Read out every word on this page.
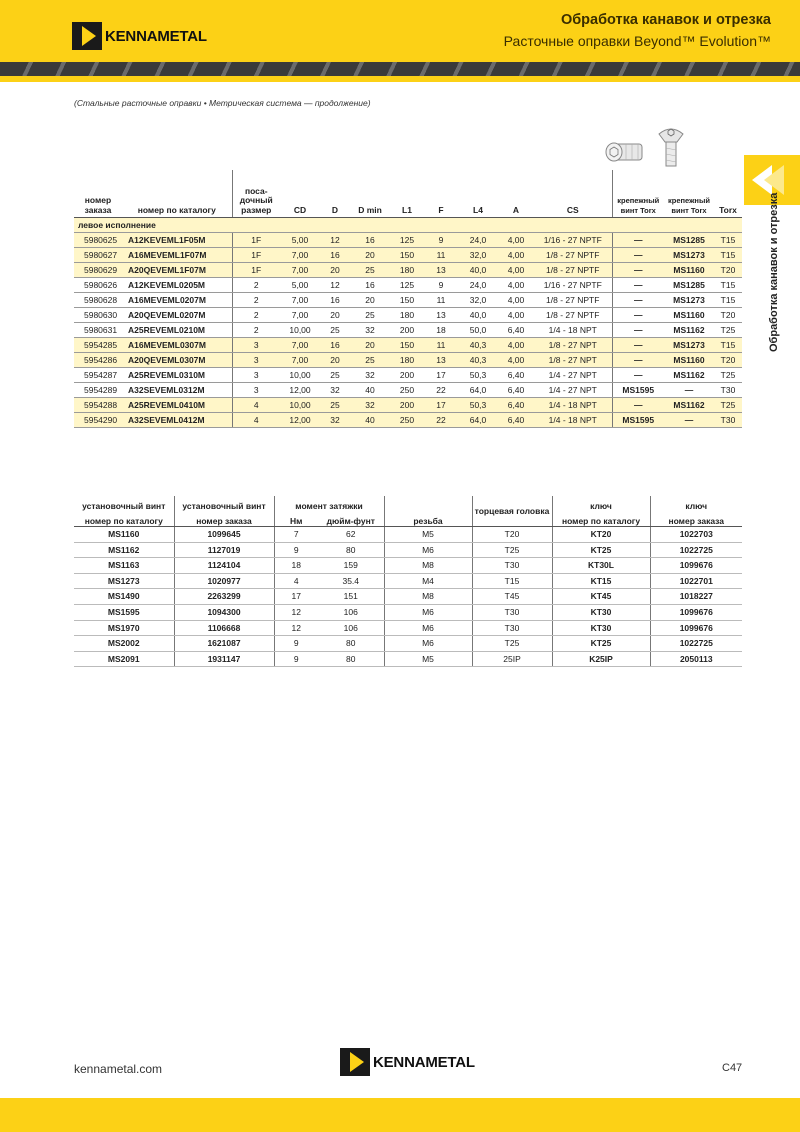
KENNAMETAL
Обработка канавок и отрезка
Расточные оправки Beyond™ Evolution™
(Стальные расточные оправки • Метрическая система — продолжение)
Обработка канавок и отрезка
номер заказа	номер по каталогу	поса-дочный размер	CD	D	D min	L1	F	L4	A	CS	крепежный винт Torx	крепежный винт Torx	Torx
левое исполнение													
5980625	A12KEVEML1F05M	1F	5,00	12	16	125	9	24,0	4,00	1/16 - 27 NPTF	—	MS1285	T15
5980627	A16MEVEML1F07M	1F	7,00	16	20	150	11	32,0	4,00	1/8 - 27 NPTF	—	MS1273	T15
5980629	A20QEVEML1F07M	1F	7,00	20	25	180	13	40,0	4,00	1/8 - 27 NPTF	—	MS1160	T20
5980626	A12KEVEML0205M	2	5,00	12	16	125	9	24,0	4,00	1/16 - 27 NPTF	—	MS1285	T15
5980628	A16MEVEML0207M	2	7,00	16	20	150	11	32,0	4,00	1/8 - 27 NPTF	—	MS1273	T15
5980630	A20QEVEML0207M	2	7,00	20	25	180	13	40,0	4,00	1/8 - 27 NPTF	—	MS1160	T20
5980631	A25REVEML0210M	2	10,00	25	32	200	18	50,0	6,40	1/4 - 18 NPT	—	MS1162	T25
5954285	A16MEVEML0307M	3	7,00	16	20	150	11	40,3	4,00	1/8 - 27 NPT	—	MS1273	T15
5954286	A20QEVEML0307M	3	7,00	20	25	180	13	40,3	4,00	1/8 - 27 NPT	—	MS1160	T20
5954287	A25REVEML0310M	3	10,00	25	32	200	17	50,3	6,40	1/4 - 27 NPT	—	MS1162	T25
5954289	A32SEVEML0312M	3	12,00	32	40	250	22	64,0	6,40	1/4 - 27 NPT	MS1595	—	T30
5954288	A25REVEML0410M	4	10,00	25	32	200	17	50,3	6,40	1/4 - 18 NPT	—	MS1162	T25
5954290	A32SEVEML0412M	4	12,00	32	40	250	22	64,0	6,40	1/4 - 18 NPT	MS1595	—	T30
установочный винт	установочный винт	момент затяжки			торцевая головка	ключ	ключ
номер по каталогу	номер заказа	Нм	дюйм-фунт	резьба		номер по каталогу	номер заказа
MS1160	1099645	7	62	M5	T20	KT20	1022703
MS1162	1127019	9	80	M6	T25	KT25	1022725
MS1163	1124104	18	159	M8	T30	KT30L	1099676
MS1273	1020977	4	35.4	M4	T15	KT15	1022701
MS1490	2263299	17	151	M8	T45	KT45	1018227
MS1595	1094300	12	106	M6	T30	KT30	1099676
MS1970	1106668	12	106	M6	T30	KT30	1099676
MS2002	1621087	9	80	M6	T25	KT25	1022725
MS2091	1931147	9	80	M5	25IP	K25IP	2050113
kennametal.com	KENNAMETAL	C47
